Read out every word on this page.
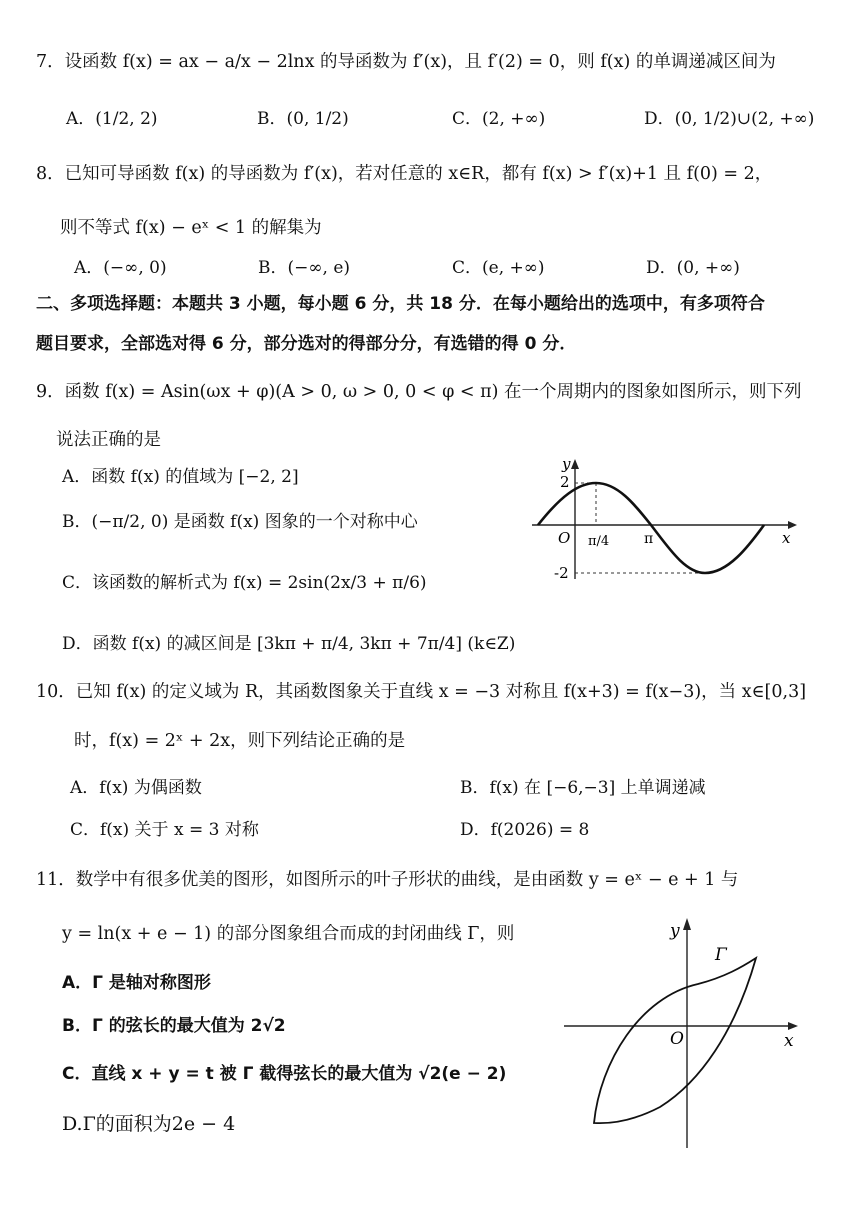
7．设函数 f(x) = ax − a/x − 2lnx 的导函数为 f′(x)，且 f′(2) = 0，则 f(x) 的单调递减区间为
A．(1/2, 2)	B．(0, 1/2)	C．(2, +∞)	D．(0, 1/2)∪(2, +∞)
8．已知可导函数 f(x) 的导函数为 f′(x)，若对任意的 x∈R，都有 f(x) > f′(x)+1 且 f(0) = 2，
则不等式 f(x) − eˣ < 1 的解集为
A．(−∞, 0)	B．(−∞, e)	C．(e, +∞)	D．(0, +∞)
二、多项选择题：本题共 3 小题，每小题 6 分，共 18 分．在每小题给出的选项中，有多项符合
题目要求，全部选对得 6 分，部分选对的得部分分，有选错的得 0 分．
9．函数 f(x) = Asin(ωx + φ)(A > 0, ω > 0, 0 < φ < π) 在一个周期内的图象如图所示，则下列
说法正确的是
A．函数 f(x) 的值域为 [−2, 2]
B．(−π/2, 0) 是函数 f(x) 图象的一个对称中心
C．该函数的解析式为 f(x) = 2sin(2x/3 + π/6)
D．函数 f(x) 的减区间是 [3kπ + π/4, 3kπ + 7π/4] (k∈Z)
y
2
-2
O π/4 π	x
10．已知 f(x) 的定义域为 R，其函数图象关于直线 x = −3 对称且 f(x+3) = f(x−3)，当 x∈[0,3]
时，f(x) = 2ˣ + 2x，则下列结论正确的是
A．f(x) 为偶函数	B．f(x) 在 [−6,−3] 上单调递减
C．f(x) 关于 x = 3 对称	D．f(2026) = 8
11．数学中有很多优美的图形，如图所示的叶子形状的曲线，是由函数 y = eˣ − e + 1 与
y = ln(x + e − 1) 的部分图象组合而成的封闭曲线 Γ，则
A．Γ 是轴对称图形
B．Γ 的弦长的最大值为 2√2
C．直线 x + y = t 被 Γ 截得弦长的最大值为 √2(e − 2)
D.Γ的面积为2e − 4
y
Γ
O	x
